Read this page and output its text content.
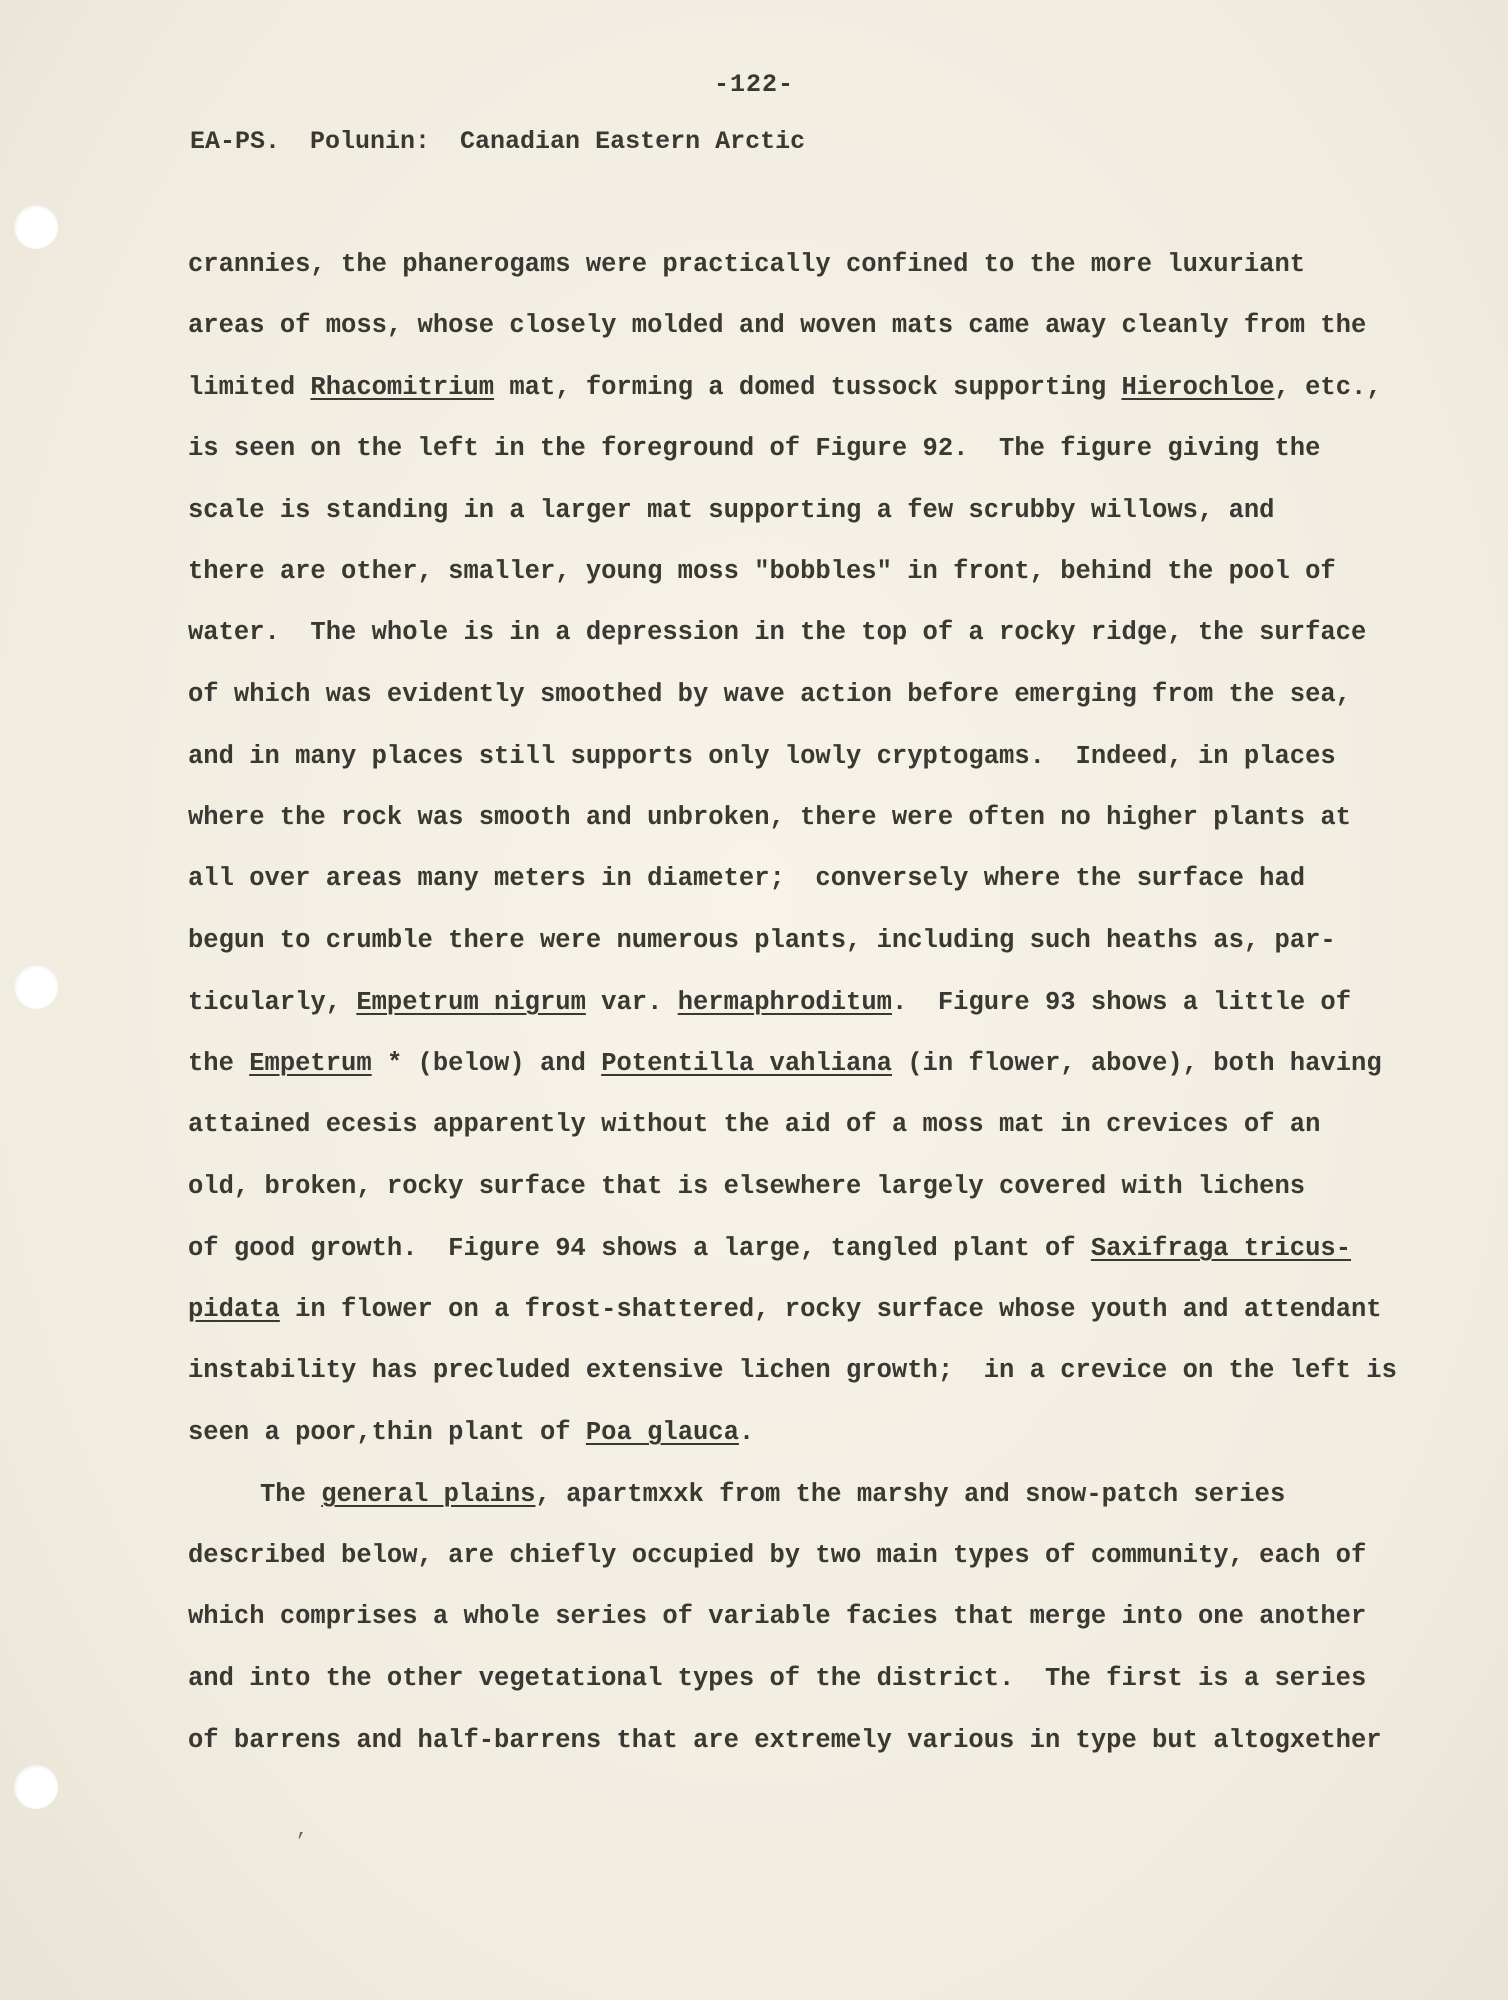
-122-
EA-PS.  Polunin:  Canadian Eastern Arctic
crannies, the phanerogams were practically confined to the more luxuriant
areas of moss, whose closely molded and woven mats came away cleanly from the
limited Rhacomitrium mat, forming a domed tussock supporting Hierochloe, etc.,
is seen on the left in the foreground of Figure 92.  The figure giving the
scale is standing in a larger mat supporting a few scrubby willows, and
there are other, smaller, young moss "bobbles" in front, behind the pool of
water.  The whole is in a depression in the top of a rocky ridge, the surface
of which was evidently smoothed by wave action before emerging from the sea,
and in many places still supports only lowly cryptogams.  Indeed, in places
where the rock was smooth and unbroken, there were often no higher plants at
all over areas many meters in diameter;  conversely where the surface had
begun to crumble there were numerous plants, including such heaths as, par-
ticularly, Empetrum nigrum var. hermaphroditum.  Figure 93 shows a little of
the Empetrum * (below) and Potentilla vahliana (in flower, above), both having
attained ecesis apparently without the aid of a moss mat in crevices of an
old, broken, rocky surface that is elsewhere largely covered with lichens
of good growth.  Figure 94 shows a large, tangled plant of Saxifraga tricus-
pidata in flower on a frost-shattered, rocky surface whose youth and attendant
instability has precluded extensive lichen growth;  in a crevice on the left is
seen a poor,thin plant of Poa glauca.
The general plains, apartmxxk from the marshy and snow-patch series
described below, are chiefly occupied by two main types of community, each of
which comprises a whole series of variable facies that merge into one another
and into the other vegetational types of the district.  The first is a series
of barrens and half-barrens that are extremely various in type but altogxether
,
